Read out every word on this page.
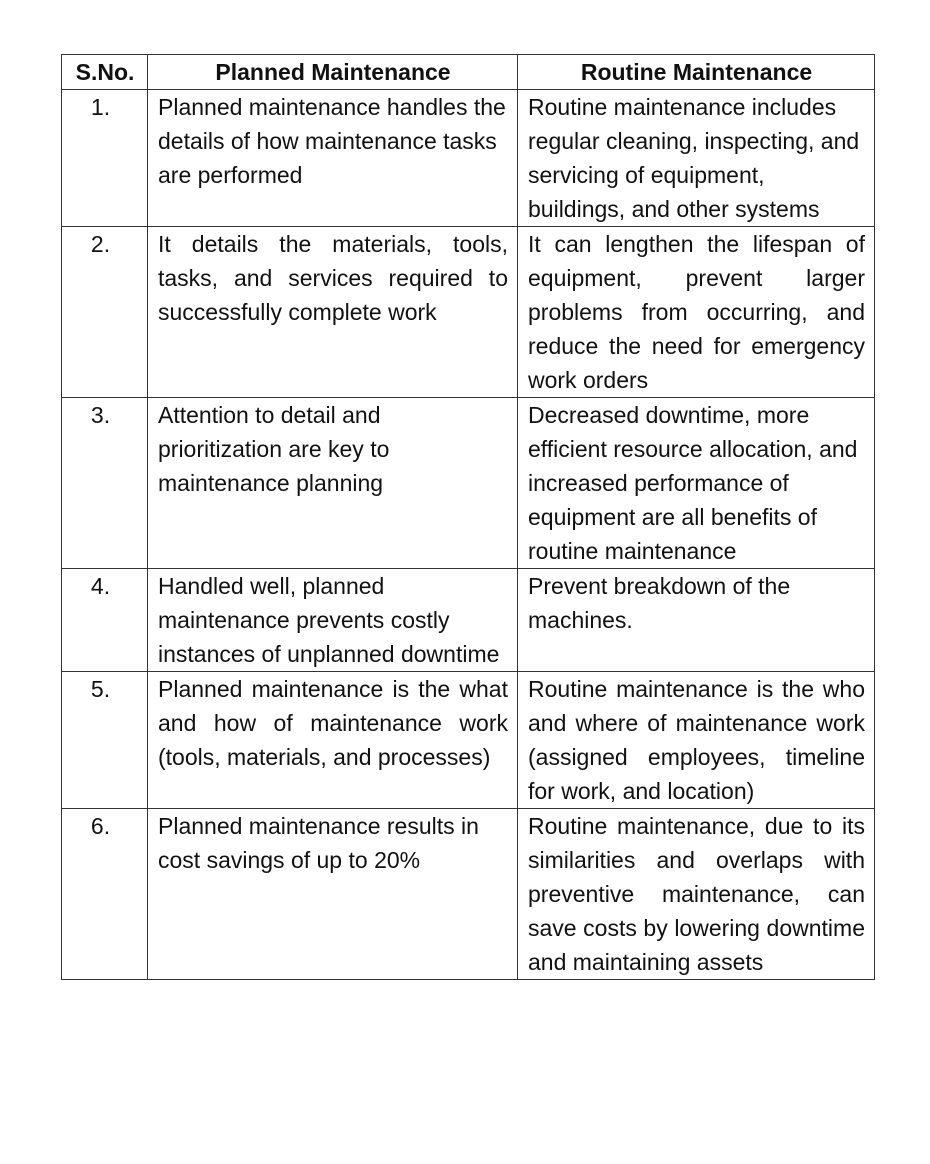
S.No.	Planned Maintenance	Routine Maintenance
1.	Planned maintenance handles the details of how maintenance tasks are performed	Routine maintenance includes regular cleaning, inspecting, and servicing of equipment, buildings, and other systems
2.	It details the materials, tools, tasks, and services required to successfully complete work	It can lengthen the lifespan of equipment, prevent larger problems from occurring, and reduce the need for emergency work orders
3.	Attention to detail and prioritization are key to maintenance planning	Decreased downtime, more efficient resource allocation, and increased performance of equipment are all benefits of routine maintenance
4.	Handled well, planned maintenance prevents costly instances of unplanned downtime	Prevent breakdown of the machines.
5.	Planned maintenance is the what and how of maintenance work (tools, materials, and processes)	Routine maintenance is the who and where of maintenance work (assigned employees, timeline for work, and location)
6.	Planned maintenance results in cost savings of up to 20%	Routine maintenance, due to its similarities and overlaps with preventive maintenance, can save costs by lowering downtime and maintaining assets
